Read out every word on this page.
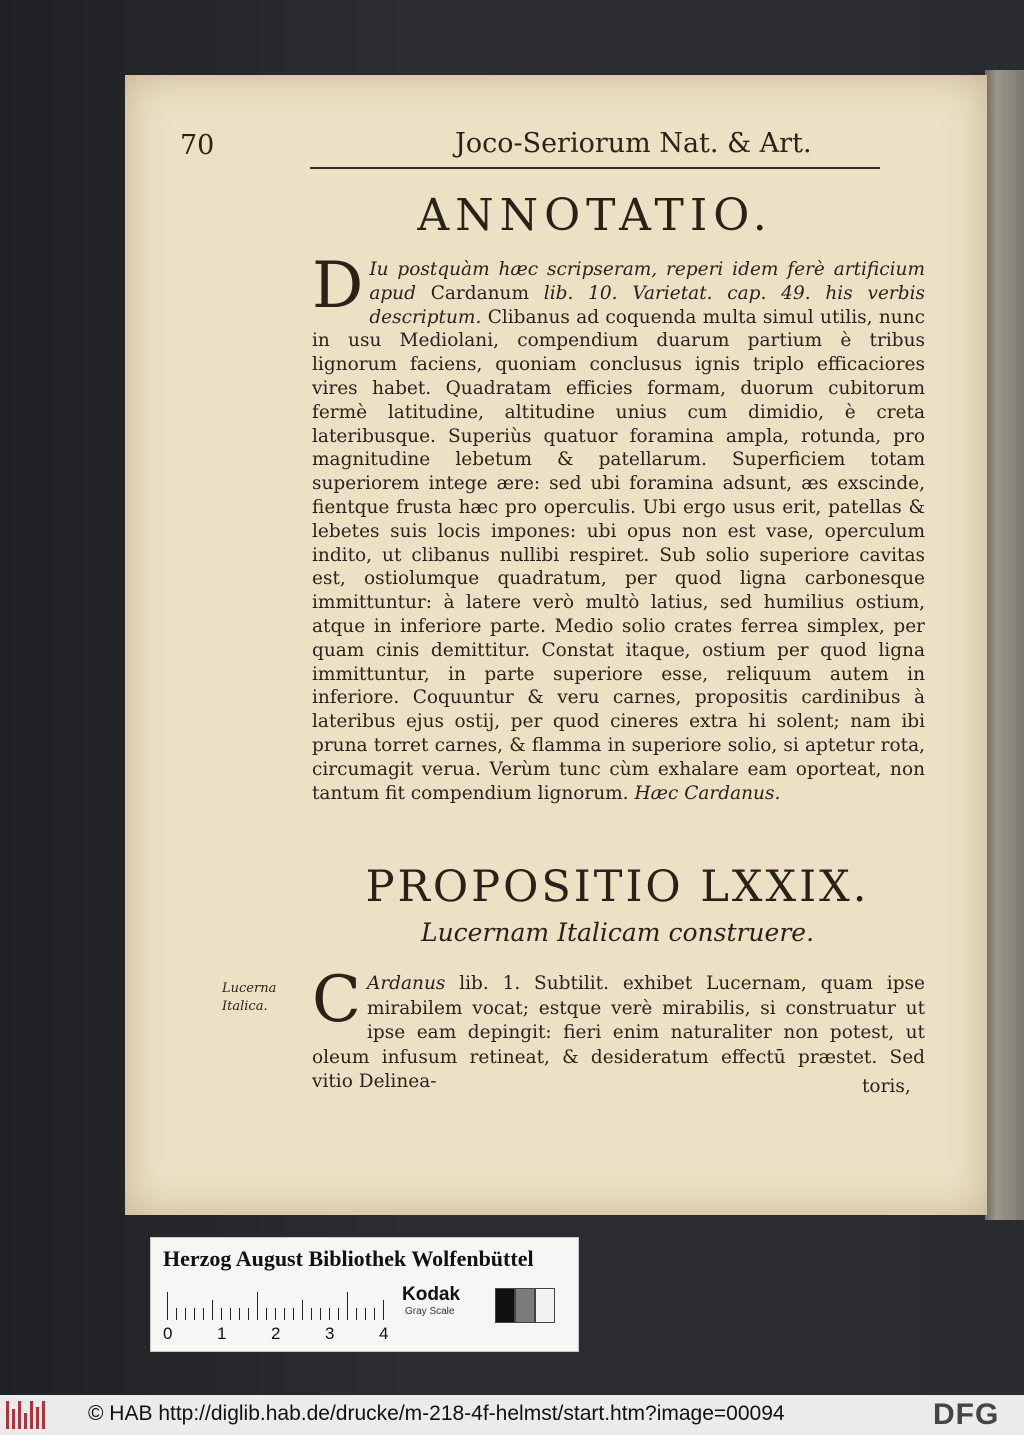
70	Joco-Seriorum Nat. & Art.
ANNOTATIO.
D Iu postquàm hæc scripseram, reperi idem ferè artificium apud Cardanum lib. 10. Varietat. cap. 49. his verbis descriptum. Clibanus ad coquenda multa simul utilis, nunc in usu Mediolani, compendium duarum partium è tribus lignorum faciens, quoniam conclusus ignis triplo efficaciores vires habet. Quadratam efficies formam, duorum cubitorum fermè latitudine, altitudine unius cum dimidio, è creta lateribusque. Superiùs quatuor foramina ampla, rotunda, pro magnitudine lebetum & patellarum. Superficiem totam superiorem intege ære: sed ubi foramina adsunt, æs exscinde, fientque frusta hæc pro operculis. Ubi ergo usus erit, patellas & lebetes suis locis impones: ubi opus non est vase, operculum indito, ut clibanus nullibi respiret. Sub solio superiore cavitas est, ostiolumque quadratum, per quod ligna carbonesque immittuntur: à latere verò multò latius, sed humilius ostium, atque in inferiore parte. Medio solio crates ferrea simplex, per quam cinis demittitur. Constat itaque, ostium per quod ligna immittuntur, in parte superiore esse, reliquum autem in inferiore. Coquuntur & veru carnes, propositis cardinibus à lateribus ejus ostij, per quod cineres extra hi solent; nam ibi pruna torret carnes, & flamma in superiore solio, si aptetur rota, circumagit verua. Verùm tunc cùm exhalare eam oporteat, non tantum fit compendium lignorum. Hæc Cardanus.
PROPOSITIO LXXIX.
Lucernam Italicam construere.
Lucerna Italica. C Ardanus lib. 1. Subtilit. exhibet Lucernam, quam ipse mirabilem vocat; estque verè mirabilis, si construatur ut ipse eam depingit: fieri enim naturaliter non potest, ut oleum infusum retineat, & desideratum effectū præstet. Sed vitio Delinea-	toris,
Herzog August Bibliothek Wolfenbüttel
0	1	2	3	4
Kodak
Gray Scale
© HAB http://diglib.hab.de/drucke/m-218-4f-helmst/start.htm?image=00094	DFG
